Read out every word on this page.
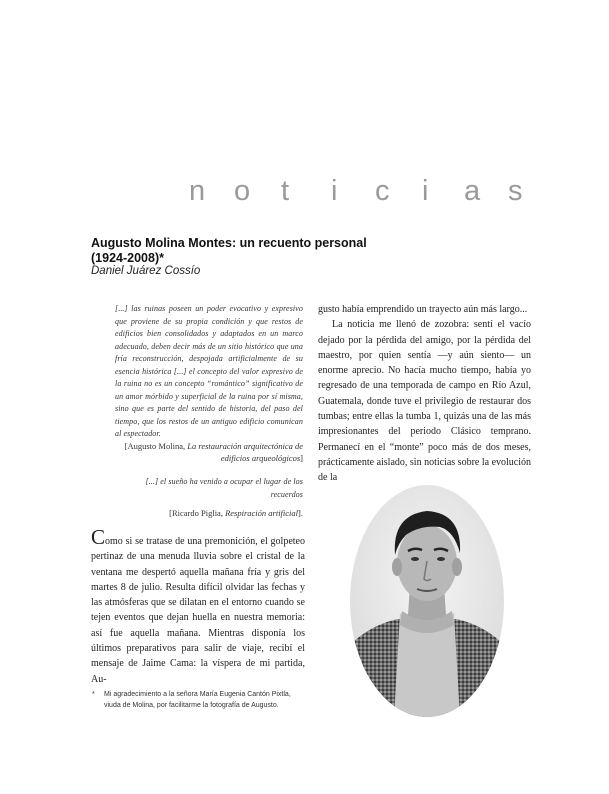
n o t i c i a s
Augusto Molina Montes: un recuento personal
(1924-2008)*
Daniel Juárez Cossío
[...] las ruinas poseen un poder evocativo y expresivo que proviene de su propia condición y que restos de edificios bien consolidados y adaptados en un marco adecuado, deben decir más de un sitio histórico que una fría reconstrucción, despojada artificialmente de su esencia histórica [...] el concepto del valor expresivo de la ruina no es un concepto “romántico” significativo de un amor mórbido y superficial de la ruina por sí misma, sino que es parte del sentido de historia, del paso del tiempo, que los restos de un antiguo edificio comunican al espectador.
[Augusto Molina, La restauración arquitectónica de edificios arqueológicos]
[...] el sueño ha venido a ocupar el lugar de los recuerdos
[Ricardo Piglia, Respiración artificial].
Como si se tratase de una premonición, el golpeteo pertinaz de una menuda lluvia sobre el cristal de la ventana me despertó aquella mañana fría y gris del martes 8 de julio. Resulta difícil olvidar las fechas y las atmósferas que se dilatan en el entorno cuando se tejen eventos que dejan huella en nuestra memoria: así fue aquella mañana. Mientras disponía los últimos preparativos para salir de viaje, recibí el mensaje de Jaime Cama: la víspera de mi partida, Au-

gusto había emprendido un trayecto aún más largo...

La noticia me llenó de zozobra: sentí el vacío dejado por la pérdida del amigo, por la pérdida del maestro, por quien sentía —y aún siento— un enorme aprecio. No hacía mucho tiempo, había yo regresado de una temporada de campo en Río Azul, Guatemala, donde tuve el privilegio de restaurar dos tumbas; entre ellas la tumba 1, quizás una de las más impresionantes del periodo Clásico temprano. Permanecí en el “monte” poco más de dos meses, prácticamente aislado, sin noticias sobre la evolución de la

* Mi agradecimiento a la señora María Eugenia Cantón Pixtla, viuda de Molina, por facilitarme la fotografía de Augusto.
